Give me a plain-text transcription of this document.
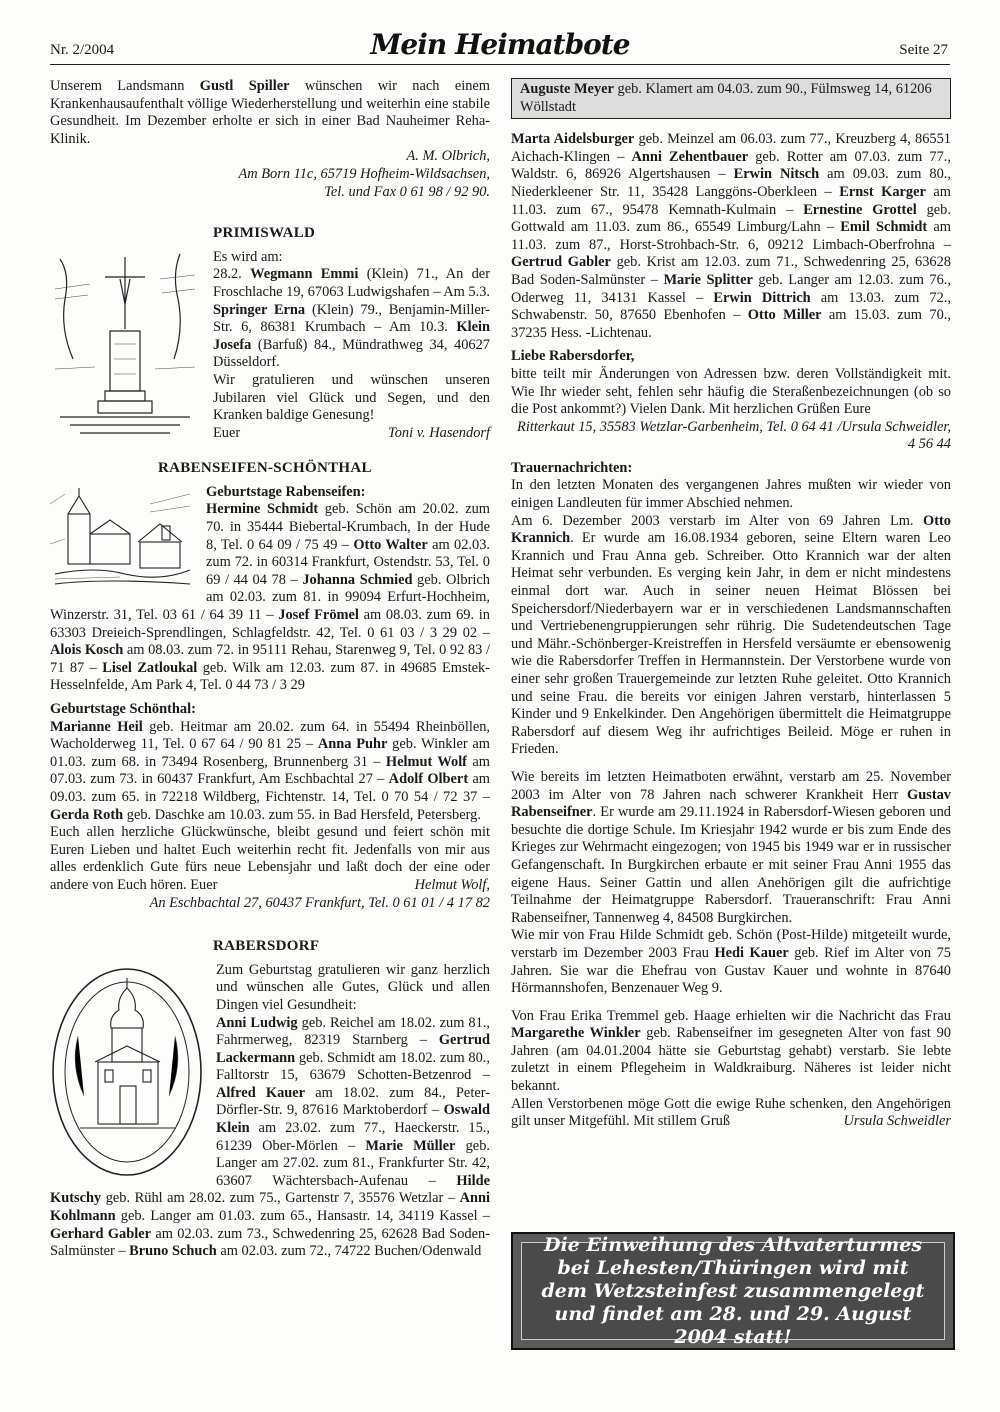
Nr. 2/2004	Mein Heimatbote	Seite 27

Unserem Landsmann Gustl Spiller wünschen wir nach einem Krankenhausaufenthalt völlige Wiederherstellung und weiterhin eine stabile Gesundheit. Im Dezember erholte er sich in einer Bad Nauheimer Reha-Klinik.

A. M. Olbrich,

Am Born 11c, 65719 Hofheim-Wildsachsen,

Tel. und Fax 0 61 98 / 92 90.

PRIMISWALD

Es wird am:

28.2. Wegmann Emmi (Klein) 71., An der Froschlache 19, 67063 Ludwigshafen – Am 5.3. Springer Erna (Klein) 79., Benjamin-Miller-Str. 6, 86381 Krumbach – Am 10.3. Klein Josefa (Barfuß) 84., Mündrathweg 34, 40627 Düsseldorf.

Wir gratulieren und wünschen unseren Jubilaren viel Glück und Segen, und den Kranken baldige Genesung!

Euer	Toni v. Hasendorf

RABENSEIFEN-SCHÖNTHAL

Geburtstage Rabenseifen:

Hermine Schmidt geb. Schön am 20.02. zum 70. in 35444 Biebertal-Krumbach, In der Hude 8, Tel. 0 64 09 / 75 49 – Otto Walter am 02.03. zum 72. in 60314 Frankfurt, Ostendstr. 53, Tel. 0 69 / 44 04 78 – Johanna Schmied geb. Olbrich am 02.03. zum 81. in 99094 Erfurt-Hochheim, Winzerstr. 31, Tel. 03 61 / 64 39 11 – Josef Frömel am 08.03. zum 69. in 63303 Dreieich-Sprendlingen, Schlagfeldstr. 42, Tel. 0 61 03 / 3 29 02 – Alois Kosch am 08.03. zum 72. in 95111 Rehau, Starenweg 9, Tel. 0 92 83 / 71 87 – Lisel Zatloukal geb. Wilk am 12.03. zum 87. in 49685 Emstek-Hesselnfelde, Am Park 4, Tel. 0 44 73 / 3 29

Geburtstage Schönthal:

Marianne Heil geb. Heitmar am 20.02. zum 64. in 55494 Rheinböllen, Wacholderweg 11, Tel. 0 67 64 / 90 81 25 – Anna Puhr geb. Winkler am 01.03. zum 68. in 73494 Rosenberg, Brunnenberg 31 – Helmut Wolf am 07.03. zum 73. in 60437 Frankfurt, Am Eschbachtal 27 – Adolf Olbert am 09.03. zum 65. in 72218 Wildberg, Fichtenstr. 14, Tel. 0 70 54 / 72 37 – Gerda Roth geb. Daschke am 10.03. zum 55. in Bad Hersfeld, Petersberg.

Euch allen herzliche Glückwünsche, bleibt gesund und feiert schön mit Euren Lieben und haltet Euch weiterhin recht fit. Jedenfalls von mir aus alles erdenklich Gute fürs neue Lebensjahr und laßt doch der eine oder andere von Euch hören. Euer	Helmut Wolf,

An Eschbachtal 27, 60437 Frankfurt, Tel. 0 61 01 / 4 17 82

RABERSDORF

Zum Geburtstag gratulieren wir ganz herzlich und wünschen alle Gutes, Glück und allen Dingen viel Gesundheit:

Anni Ludwig geb. Reichel am 18.02. zum 81., Fahrmerweg, 82319 Starnberg – Gertrud Lackermann geb. Schmidt am 18.02. zum 80., Falltorstr 15, 63679 Schotten-Betzenrod – Alfred Kauer am 18.02. zum 84., Peter-Dörfler-Str. 9, 87616 Marktoberdorf – Oswald Klein am 23.02. zum 77., Haeckerstr. 15., 61239 Ober-Mörlen – Marie Müller geb. Langer am 27.02. zum 81., Frankfurter Str. 42, 63607 Wächtersbach-Aufenau – Hilde Kutschy geb. Rühl am 28.02. zum 75., Gartenstr 7, 35576 Wetzlar – Anni Kohlmann geb. Langer am 01.03. zum 65., Hansastr. 14, 34119 Kassel – Gerhard Gabler am 02.03. zum 73., Schwedenring 25, 62628 Bad Soden-Salmünster – Bruno Schuch am 02.03. zum 72., 74722 Buchen/Odenwald

Auguste Meyer geb. Klamert am 04.03. zum 90., Fülmsweg 14, 61206 Wöllstadt

Marta Aidelsburger geb. Meinzel am 06.03. zum 77., Kreuzberg 4, 86551 Aichach-Klingen – Anni Zehentbauer geb. Rotter am 07.03. zum 77., Waldstr. 6, 86926 Algertshausen – Erwin Nitsch am 09.03. zum 80., Niederkleener Str. 11, 35428 Langgöns-Oberkleen – Ernst Karger am 11.03. zum 67., 95478 Kemnath-Kulmain – Ernestine Grottel geb. Gottwald am 11.03. zum 86., 65549 Limburg/Lahn – Emil Schmidt am 11.03. zum 87., Horst-Strohbach-Str. 6, 09212 Limbach-Oberfrohna – Gertrud Gabler geb. Krist am 12.03. zum 71., Schwedenring 25, 63628 Bad Soden-Salmünster – Marie Splitter geb. Langer am 12.03. zum 76., Oderweg 11, 34131 Kassel – Erwin Dittrich am 13.03. zum 72., Schwabenstr. 50, 87650 Ebenhofen – Otto Miller am 15.03. zum 70., 37235 Hess. -Lichtenau.

Liebe Rabersdorfer,

bitte teilt mir Änderungen von Adressen bzw. deren Vollständigkeit mit. Wie Ihr wieder seht, fehlen sehr häufig die Steraßenbezeichnungen (ob so die Post ankommt?) Vielen Dank. Mit herzlichen Grüßen Eure
Ursula Schweidler,

Ritterkaut 15, 35583 Wetzlar-Garbenheim, Tel. 0 64 41 / 4 56 44

Trauernachrichten:

In den letzten Monaten des vergangenen Jahres mußten wir wieder von einigen Landleuten für immer Abschied nehmen.

Am 6. Dezember 2003 verstarb im Alter von 69 Jahren Lm. Otto Krannich. Er wurde am 16.08.1934 geboren, seine Eltern waren Leo Krannich und Frau Anna geb. Schreiber. Otto Krannich war der alten Heimat sehr verbunden. Es verging kein Jahr, in dem er nicht mindestens einmal dort war. Auch in seiner neuen Heimat Blössen bei Speichersdorf/Niederbayern war er in verschiedenen Landsmannschaften und Vertriebenengruppierungen sehr rührig. Die Sudetendeutschen Tage und Mähr.-Schönberger-Kreistreffen in Hersfeld versäumte er ebensowenig wie die Rabersdorfer Treffen in Hermannstein. Der Verstorbene wurde von einer sehr großen Trauergemeinde zur letzten Ruhe geleitet. Otto Krannich und seine Frau. die bereits vor einigen Jahren verstarb, hinterlassen 5 Kinder und 9 Enkelkinder. Den Angehörigen übermittelt die Heimatgruppe Rabersdorf auf diesem Weg ihr aufrichtiges Beileid. Möge er ruhen in Frieden.

Wie bereits im letzten Heimatboten erwähnt, verstarb am 25. November 2003 im Alter von 78 Jahren nach schwerer Krankheit Herr Gustav Rabenseifner. Er wurde am 29.11.1924 in Rabersdorf-Wiesen geboren und besuchte die dortige Schule. Im Kriesjahr 1942 wurde er bis zum Ende des Krieges zur Wehrmacht eingezogen; von 1945 bis 1949 war er in russischer Gefangenschaft. In Burgkirchen erbaute er mit seiner Frau Anni 1955 das eigene Haus. Seiner Gattin und allen Anehörigen gilt die aufrichtige Teilnahme der Heimatgruppe Rabersdorf. Traueranschrift: Frau Anni Rabenseifner, Tannenweg 4, 84508 Burgkirchen.

Wie mir von Frau Hilde Schmidt geb. Schön (Post-Hilde) mitgeteilt wurde, verstarb im Dezember 2003 Frau Hedi Kauer geb. Rief im Alter von 75 Jahren. Sie war die Ehefrau von Gustav Kauer und wohnte in 87640 Hörmannshofen, Benzenauer Weg 9.

Von Frau Erika Tremmel geb. Haage erhielten wir die Nachricht das Frau Margarethe Winkler geb. Rabenseifner im gesegneten Alter von fast 90 Jahren (am 04.01.2004 hätte sie Geburtstag gehabt) verstarb. Sie lebte zuletzt in einem Pflegeheim in Waldkraiburg. Näheres ist leider nicht bekannt.

Allen Verstorbenen möge Gott die ewige Ruhe schenken, den Angehörigen gilt unser Mitgefühl. Mit stillem Gruß	Ursula Schweidler

Die Einweihung des Altvaterturmes bei Lehesten/Thüringen wird mit dem Wetzsteinfest zusammengelegt und findet am 28. und 29. August 2004 statt!
